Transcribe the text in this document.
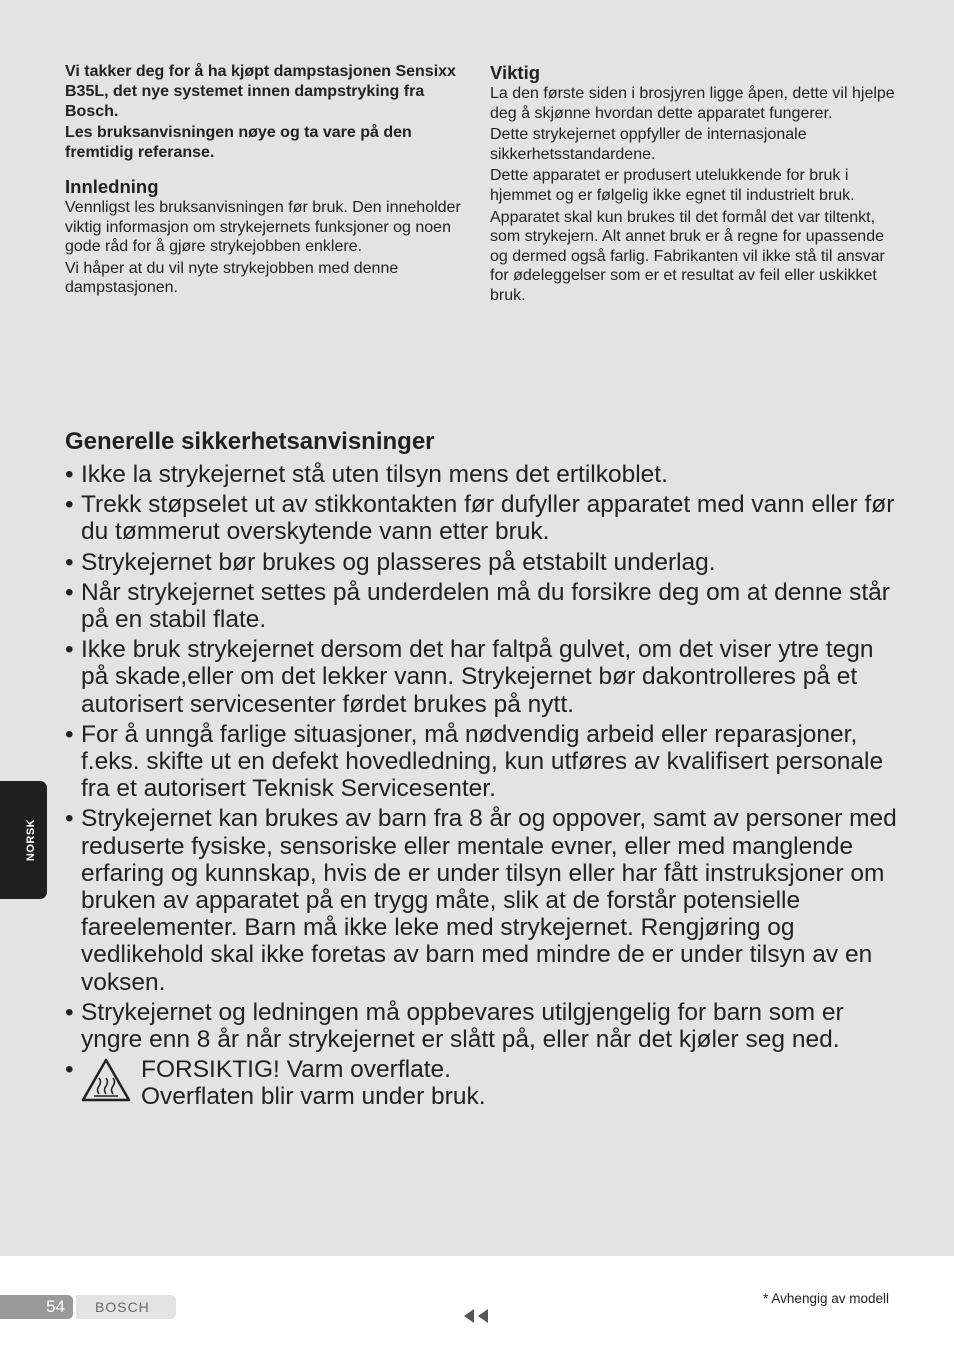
Vi takker deg for å ha kjøpt dampstasjonen Sensixx B35L, det nye systemet innen dampstryking fra Bosch.

Les bruksanvisningen nøye og ta vare på den fremtidig referanse.

Innledning

Vennligst les bruksanvisningen før bruk. Den inneholder viktig informasjon om strykejernets funksjoner og noen gode råd for å gjøre strykejobben enklere.

Vi håper at du vil nyte strykejobben med denne dampstasjonen.

Viktig

La den første siden i brosjyren ligge åpen, dette vil hjelpe deg å skjønne hvordan dette apparatet fungerer.

Dette strykejernet oppfyller de internasjonale sikkerhetsstandardene.

Dette apparatet er produsert utelukkende for bruk i hjemmet og er følgelig ikke egnet til industrielt bruk.

Apparatet skal kun brukes til det formål det var tiltenkt, som strykejern. Alt annet bruk er å regne for upassende og dermed også farlig. Fabrikanten vil ikke stå til ansvar for ødeleggelser som er et resultat av feil eller uskikket bruk.

Generelle sikkerhetsanvisninger
• Ikke la strykejernet stå uten tilsyn mens det ertilkoblet.
• Trekk støpselet ut av stikkontakten før dufyller apparatet med vann eller før du tømmerut overskytende vann etter bruk.
• Strykejernet bør brukes og plasseres på etstabilt underlag.
• Når strykejernet settes på underdelen må du forsikre deg om at denne står på en stabil flate.
• Ikke bruk strykejernet dersom det har faltpå gulvet, om det viser ytre tegn på skade,eller om det lekker vann. Strykejernet bør dakontrolleres på et autorisert servicesenter førdet brukes på nytt.
• For å unngå farlige situasjoner, må nødvendig arbeid eller reparasjoner, f.eks. skifte ut en defekt hovedledning, kun utføres av kvalifisert personale fra et autorisert Teknisk Servicesenter.
• Strykejernet kan brukes av barn fra 8 år og oppover, samt av personer med reduserte fysiske, sensoriske eller mentale evner, eller med manglende erfaring og kunnskap, hvis de er under tilsyn eller har fått instruksjoner om bruken av apparatet på en trygg måte, slik at de forstår potensielle fareelementer. Barn må ikke leke med strykejernet. Rengjøring og vedlikehold skal ikke foretas av barn med mindre de er under tilsyn av en voksen.
• Strykejernet og ledningen må oppbevares utilgjengelig for barn som er yngre enn 8 år når strykejernet er slått på, eller når det kjøler seg ned.
•	FORSIKTIG! Varm overflate.
Overflaten blir varm under bruk.
NORSK
54	BOSCH
* Avhengig av modell
